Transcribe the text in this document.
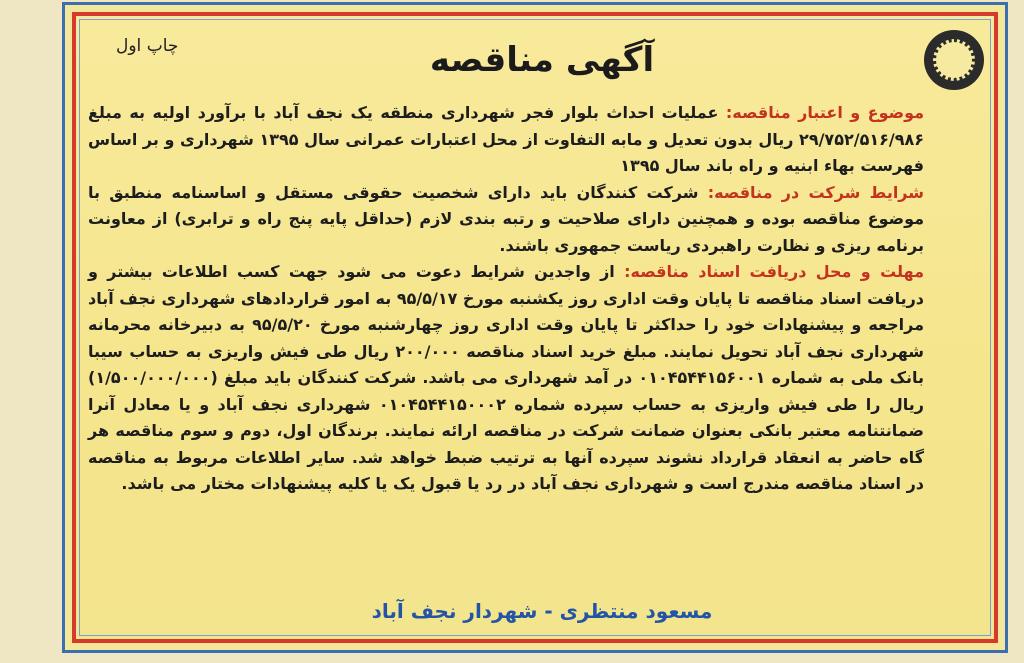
چاپ اول	آگهی مناقصه
موضوع و اعتبار مناقصه: عملیات احداث بلوار فجر شهرداری منطقه یک نجف آباد با برآورد اولیه به مبلغ ۲۹/۷۵۲/۵۱۶/۹۸۶ ریال بدون تعدیل و مابه التفاوت از محل اعتبارات عمرانی سال ۱۳۹۵ شهرداری و بر اساس فهرست بهاء ابنیه و راه باند سال ۱۳۹۵
شرایط شرکت در مناقصه: شرکت کنندگان باید دارای شخصیت حقوقی مستقل و اساسنامه منطبق با موضوع مناقصه بوده و همچنین دارای صلاحیت و رتبه بندی لازم (حداقل پایه پنج راه و ترابری) از معاونت برنامه ریزی و نظارت راهبردی ریاست جمهوری باشند.
مهلت و محل دریافت اسناد مناقصه: از واجدین شرایط دعوت می شود جهت کسب اطلاعات بیشتر و دریافت اسناد مناقصه تا پایان وقت اداری روز یکشنبه مورخ ۹۵/۵/۱۷ به امور قراردادهای شهرداری نجف آباد مراجعه و پیشنهادات خود را حداکثر تا پایان وقت اداری روز چهارشنبه مورخ ۹۵/۵/۲۰ به دبیرخانه محرمانه شهرداری نجف آباد تحویل نمایند. مبلغ خرید اسناد مناقصه ۲۰۰/۰۰۰ ریال طی فیش واریزی به حساب سیبا بانک ملی به شماره ۰۱۰۴۵۴۴۱۵۶۰۰۱ در آمد شهرداری می باشد. شرکت کنندگان باید مبلغ (۱/۵۰۰/۰۰۰/۰۰۰) ریال را طی فیش واریزی به حساب سپرده شماره ۰۱۰۴۵۴۴۱۵۰۰۰۲ شهرداری نجف آباد و یا معادل آنرا ضمانتنامه معتبر بانکی بعنوان ضمانت شرکت در مناقصه ارائه نمایند. برندگان اول، دوم و سوم مناقصه هر گاه حاضر به انعقاد قرارداد نشوند سپرده آنها به ترتیب ضبط خواهد شد. سایر اطلاعات مربوط به مناقصه در اسناد مناقصه مندرج است و شهرداری نجف آباد در رد یا قبول یک یا کلیه پیشنهادات مختار می باشد.
مسعود منتظری - شهردار نجف آباد
